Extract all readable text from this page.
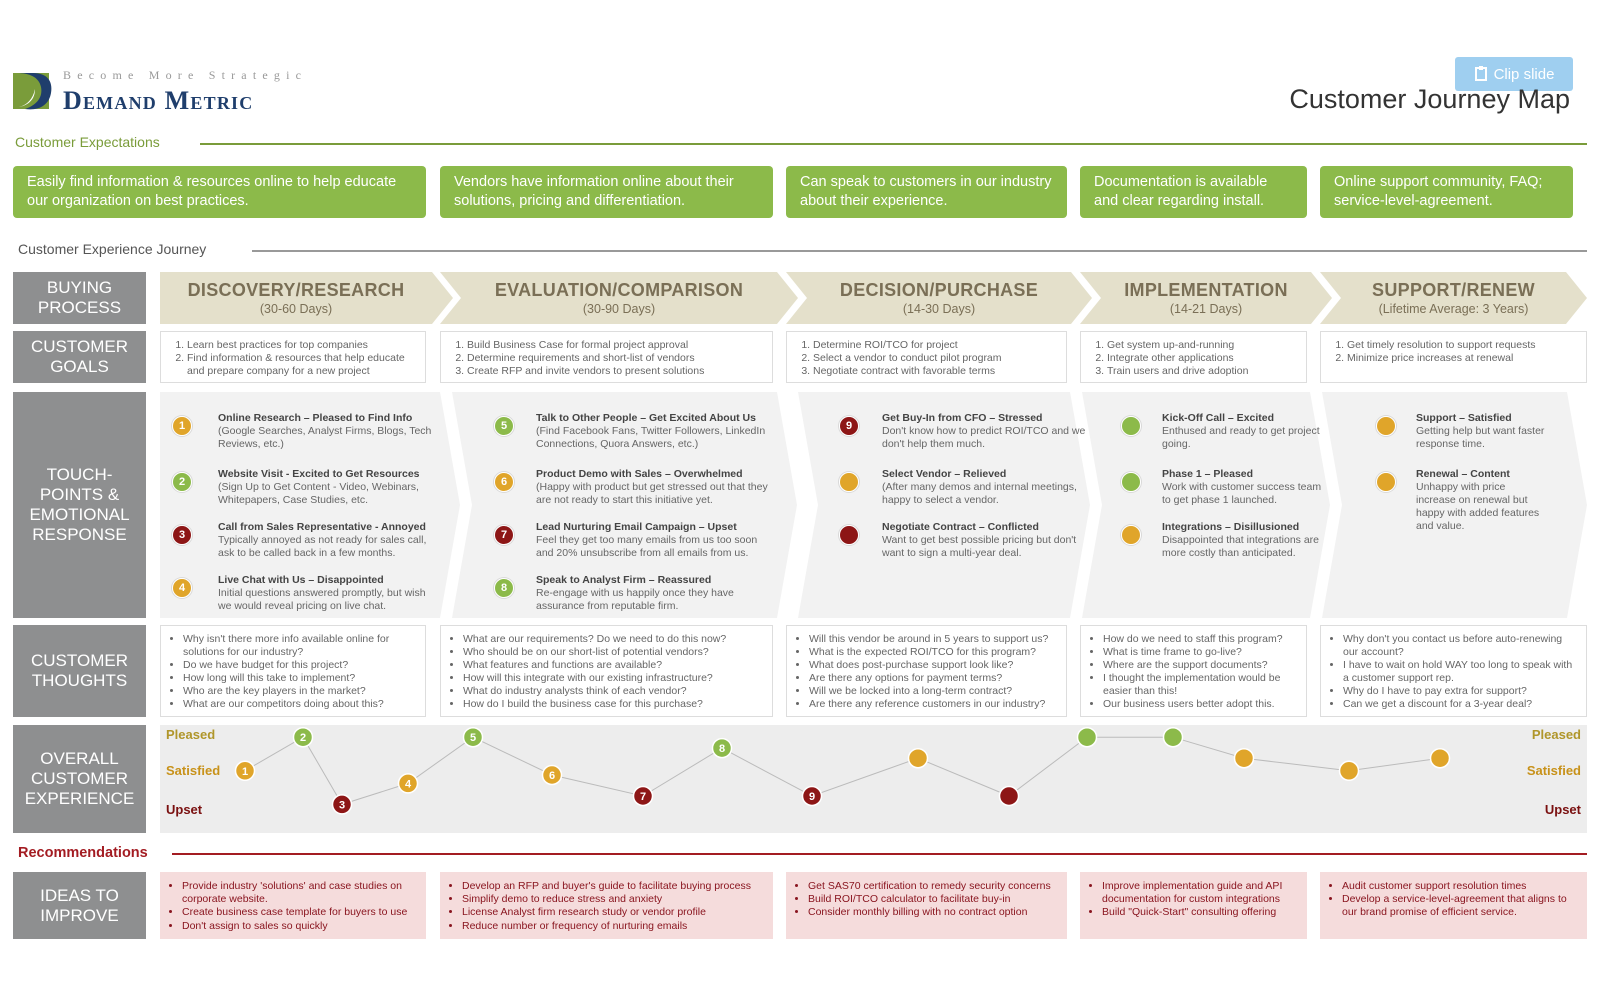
Become More Strategic
Demand Metric
Clip slide
Customer Journey Map
Customer Expectations
Easily find information & resources online to help educate our organization on best practices.
Vendors have information online about their solutions, pricing and differentiation.
Can speak to customers in our industry about their experience.
Documentation is available and clear regarding install.
Online support community, FAQ; service-level-agreement.
Customer Experience Journey
BUYING PROCESS
CUSTOMER GOALS
TOUCH-POINTS & EMOTIONAL RESPONSE
CUSTOMER THOUGHTS
OVERALL CUSTOMER EXPERIENCE
IDEAS TO IMPROVE
DISCOVERY/RESEARCH
(30-60 Days)
EVALUATION/COMPARISON
(30-90 Days)
DECISION/PURCHASE
(14-30 Days)
IMPLEMENTATION
(14-21 Days)
SUPPORT/RENEW
(Lifetime Average: 3 Years)
1. Learn best practices for top companies
2. Find information & resources that help educate and prepare company for a new project
1. Build Business Case for formal project approval
2. Determine requirements and short-list of vendors
3. Create RFP and invite vendors to present solutions
1. Determine ROI/TCO for project
2. Select a vendor to conduct pilot program
3. Negotiate contract with favorable terms
1. Get system up-and-running
2. Integrate other applications
3. Train users and drive adoption
1. Get timely resolution to support requests
2. Minimize price increases at renewal
1
Online Research – Pleased to Find Info
(Google Searches, Analyst Firms, Blogs, Tech Reviews, etc.)
2
Website Visit - Excited to Get Resources
(Sign Up to Get Content - Video, Webinars, Whitepapers, Case Studies, etc.
3
Call from Sales Representative - Annoyed
Typically annoyed as not ready for sales call, ask to be called back in a few months.
4
Live Chat with Us – Disappointed
Initial questions answered promptly, but wish we would reveal pricing on live chat.
5
Talk to Other People – Get Excited About Us
(Find Facebook Fans, Twitter Followers, LinkedIn Connections, Quora Answers, etc.)
6
Product Demo with Sales – Overwhelmed
(Happy with product but get stressed out that they are not ready to start this initiative yet.
7
Lead Nurturing Email Campaign – Upset
Feel they get too many emails from us too soon and 20% unsubscribe from all emails from us.
8
Speak to Analyst Firm – Reassured
Re-engage with us happily once they have assurance from reputable firm.
9
Get Buy-In from CFO – Stressed
Don't know how to predict ROI/TCO and we don't help them much.
Select Vendor – Relieved
(After many demos and internal meetings, happy to select a vendor.
Negotiate Contract – Conflicted
Want to get best possible pricing but don't want to sign a multi-year deal.
Kick-Off Call – Excited
Enthused and ready to get project going.
Phase 1 – Pleased
Work with customer success team to get phase 1 launched.
Integrations – Disillusioned
Disappointed that integrations are more costly than anticipated.
Support – Satisfied
Getting help but want faster response time.
Renewal – Content
Unhappy with price increase on renewal but happy with added features and value.
• Why isn't there more info available online for solutions for our industry?
• Do we have budget for this project?
• How long will this take to implement?
• Who are the key players in the market?
• What are our competitors doing about this?
• What are our requirements? Do we need to do this now?
• Who should be on our short-list of potential vendors?
• What features and functions are available?
• How will this integrate with our existing infrastructure?
• What do industry analysts think of each vendor?
• How do I build the business case for this purchase?
• Will this vendor be around in 5 years to support us?
• What is the expected ROI/TCO for this program?
• What does post-purchase support look like?
• Are there any options for payment terms?
• Will we be locked into a long-term contract?
• Are there any reference customers in our industry?
• How do we need to staff this program?
• What is time frame to go-live?
• Where are the support documents?
• I thought the implementation would be easier than this!
• Our business users better adopt this.
• Why don't you contact us before auto-renewing our account?
• I have to wait on hold WAY too long to speak with a customer support rep.
• Why do I have to pay extra for support?
• Can we get a discount for a 3-year deal?
1
2
3
4
5
6
7
8
9
Pleased
Satisfied
Upset
Pleased
Satisfied
Upset
Recommendations
• Provide industry 'solutions' and case studies on corporate website.
• Create business case template for buyers to use
• Don't assign to sales so quickly
• Develop an RFP and buyer's guide to facilitate buying process
• Simplify demo to reduce stress and anxiety
• License Analyst firm research study or vendor profile
• Reduce number or frequency of nurturing emails
• Get SAS70 certification to remedy security concerns
• Build ROI/TCO calculator to facilitate buy-in
• Consider monthly billing with no contract option
• Improve implementation guide and API documentation for custom integrations
• Build "Quick-Start" consulting offering
• Audit customer support resolution times
• Develop a service-level-agreement that aligns to our brand promise of efficient service.
